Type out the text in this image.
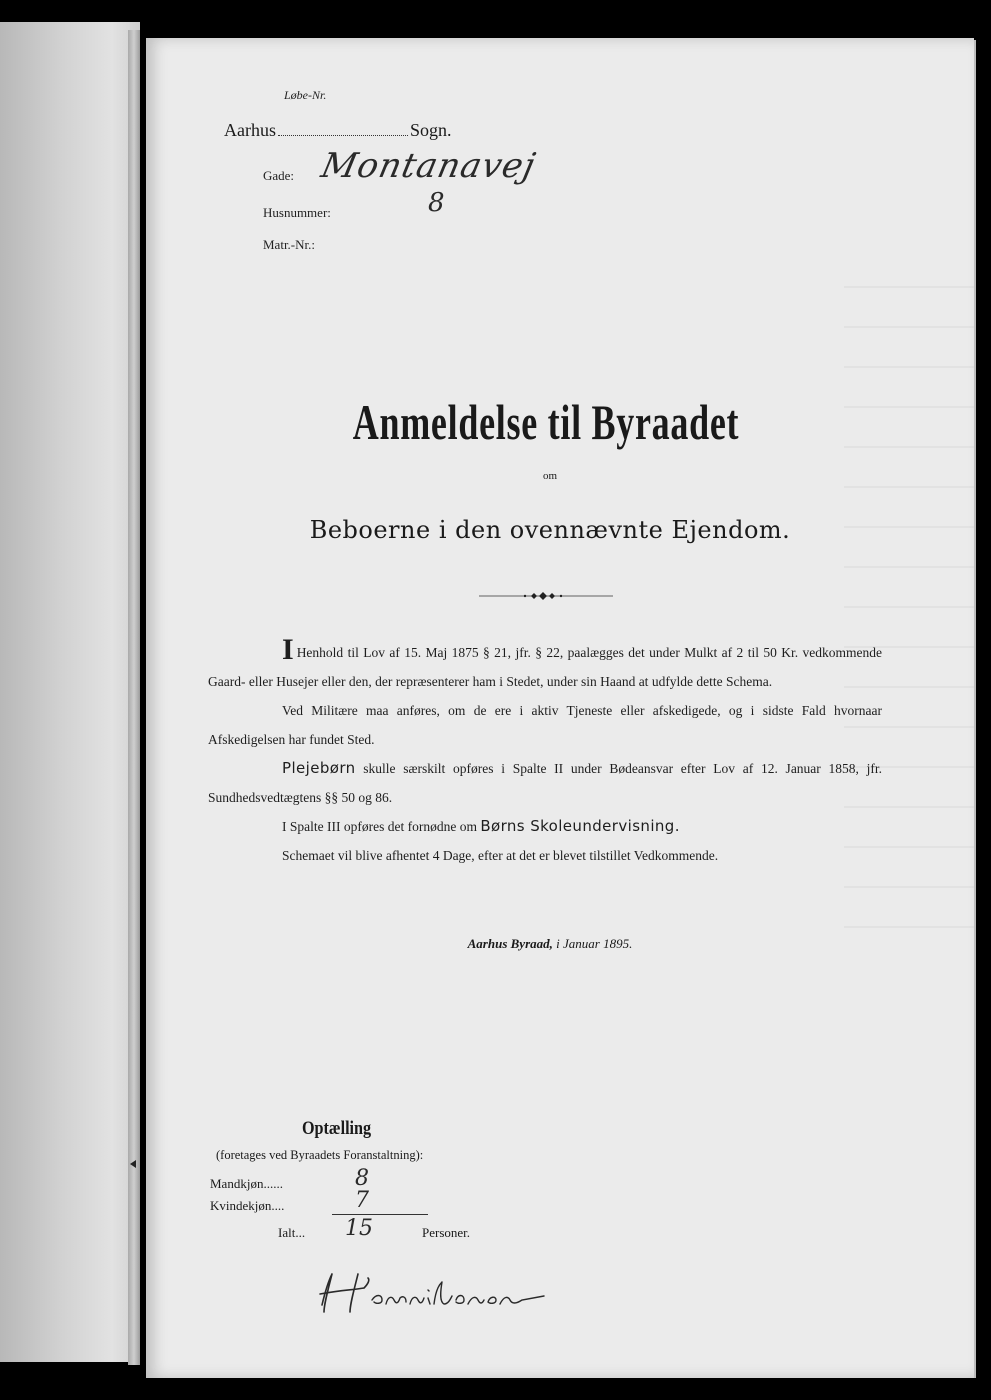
Løbe-Nr.
Aarhus	Sogn.
Gade: Montanavej
Husnummer:	8
Matr.-Nr.:
Anmeldelse til Byraadet
om
Beboerne i den ovennævnte Ejendom.

I Henhold til Lov af 15. Maj 1875 § 21, jfr. § 22, paalægges det under Mulkt af 2 til 50 Kr. vedkommende Gaard- eller Husejer eller den, der repræsenterer ham i Stedet, under sin Haand at udfylde dette Schema.

Ved Militære maa anføres, om de ere i aktiv Tjeneste eller afskedigede, og i sidste Fald hvornaar Afskedigelsen har fundet Sted.

Plejebørn skulle særskilt opføres i Spalte II under Bødeansvar efter Lov af 12. Januar 1858, jfr. Sundhedsvedtægtens §§ 50 og 86.

I Spalte III opføres det fornødne om Børns Skoleundervisning.

Schemaet vil blive afhentet 4 Dage, efter at det er blevet tilstillet Vedkommende.

Aarhus Byraad, i Januar 1895.
Optælling
(foretages ved Byraadets Foranstaltning):
Mandkjøn......	8
Kvindekjøn....	7
Ialt... 15	Personer.
H Henriksen
